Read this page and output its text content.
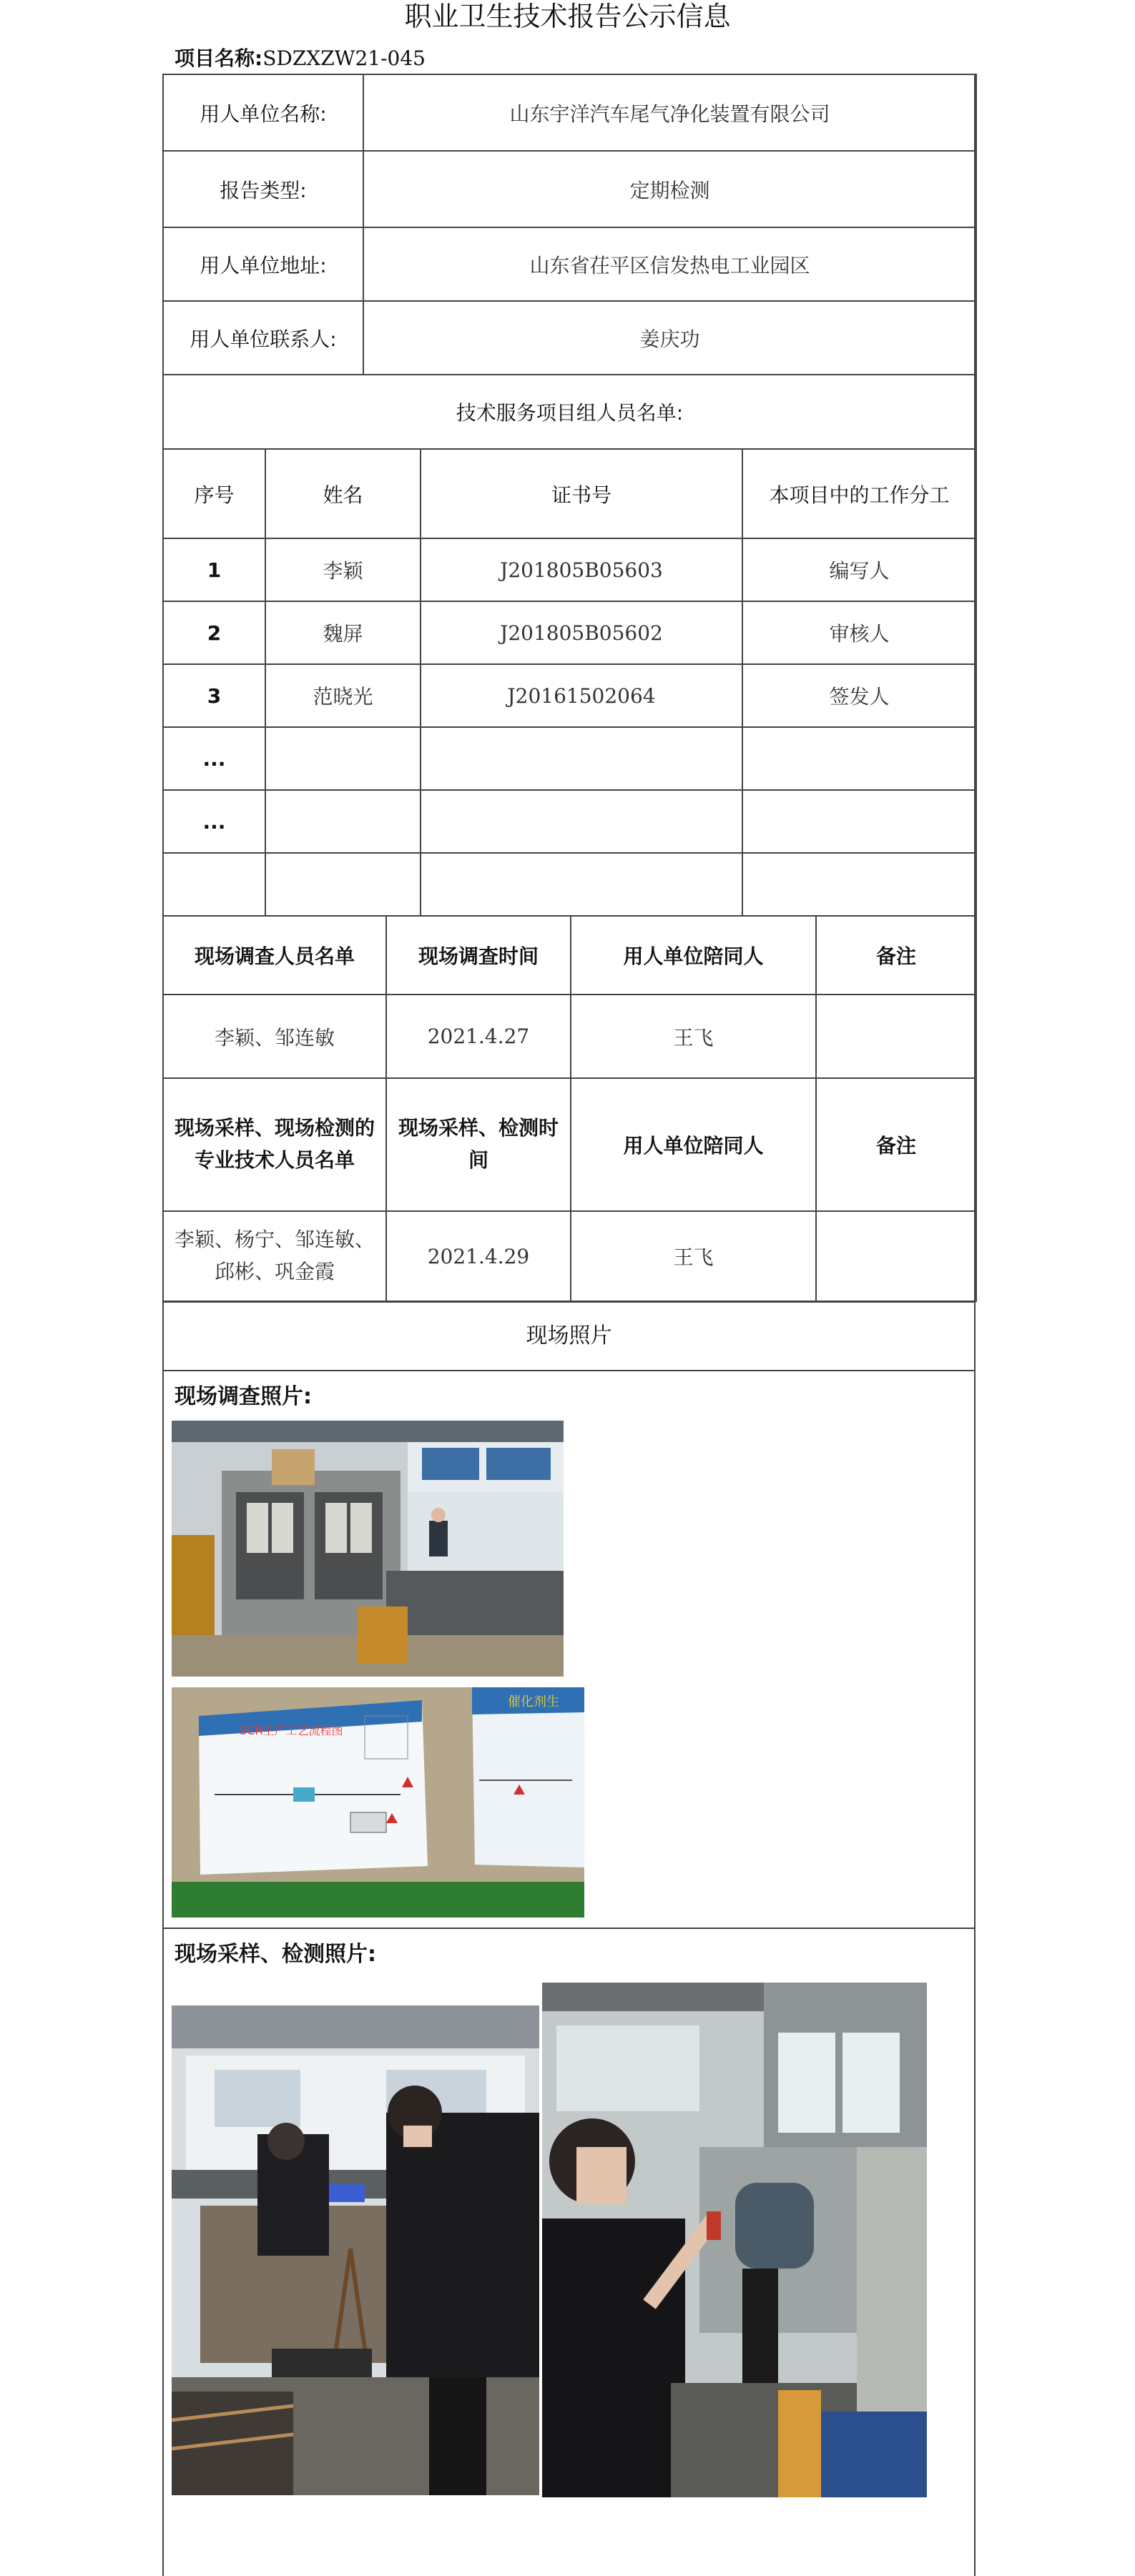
职业卫生技术报告公示信息
项目名称:SDZXZW21-045
用人单位名称:	山东宇洋汽车尾气净化装置有限公司
报告类型:	定期检测
用人单位地址:	山东省茌平区信发热电工业园区
用人单位联系人:	姜庆功
技术服务项目组人员名单:	
序号	姓名	证书号	本项目中的工作分工
1	李颖	J201805B05603	编写人
2	魏屏	J201805B05602	审核人
3	范晓光	J20161502064	签发人
...			
...			

现场调查人员名单	现场调查时间	用人单位陪同人	备注
李颖、邹连敏	2021.4.27	王飞	
现场采样、现场检测的专业技术人员名单	现场采样、检测时间	用人单位陪同人	备注
李颖、杨宁、邹连敏、邱彬、巩金霞	2021.4.29	王飞	
现场照片
现场调查照片:
SCR生产工艺流程图
催化剂生
现场采样、检测照片:
